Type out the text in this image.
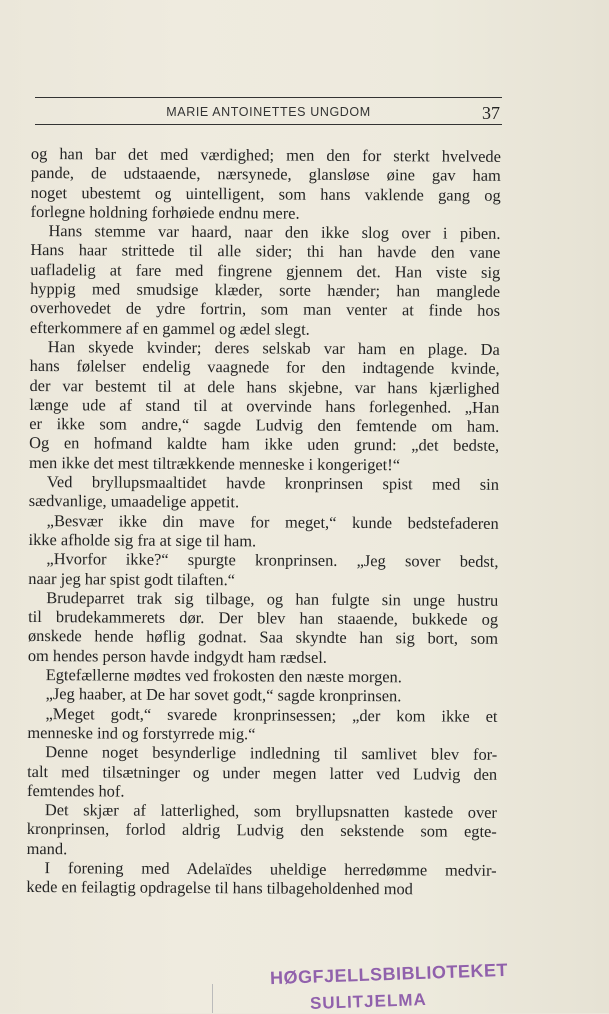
MARIE ANTOINETTES UNGDOM	37

og han bar det med værdighed; men den for sterkt hvelvede

pande, de udstaaende, nærsynede, glansløse øine gav ham

noget ubestemt og uintelligent, som hans vaklende gang og

forlegne holdning forhøiede endnu mere.

Hans stemme var haard, naar den ikke slog over i piben.

Hans haar strittede til alle sider; thi han havde den vane

uafladelig at fare med fingrene gjennem det. Han viste sig

hyppig med smudsige klæder, sorte hænder; han manglede

overhovedet de ydre fortrin, som man venter at finde hos

efterkommere af en gammel og ædel slegt.

Han skyede kvinder; deres selskab var ham en plage. Da

hans følelser endelig vaagnede for den indtagende kvinde,

der var bestemt til at dele hans skjebne, var hans kjærlighed

længe ude af stand til at overvinde hans forlegenhed. „Han

er ikke som andre,“ sagde Ludvig den femtende om ham.

Og en hofmand kaldte ham ikke uden grund: „det bedste,

men ikke det mest tiltrækkende menneske i kongeriget!“

Ved bryllupsmaaltidet havde kronprinsen spist med sin

sædvanlige, umaadelige appetit.

„Besvær ikke din mave for meget,“ kunde bedstefaderen

ikke afholde sig fra at sige til ham.

„Hvorfor ikke?“ spurgte kronprinsen. „Jeg sover bedst,

naar jeg har spist godt tilaften.“

Brudeparret trak sig tilbage, og han fulgte sin unge hustru

til brudekammerets dør. Der blev han staaende, bukkede og

ønskede hende høflig godnat. Saa skyndte han sig bort, som

om hendes person havde indgydt ham rædsel.

Egtefællerne mødtes ved frokosten den næste morgen.

„Jeg haaber, at De har sovet godt,“ sagde kronprinsen.

„Meget godt,“ svarede kronprinsessen; „der kom ikke et

menneske ind og forstyrrede mig.“

Denne noget besynderlige indledning til samlivet blev for-

talt med tilsætninger og under megen latter ved Ludvig den

femtendes hof.

Det skjær af latterlighed, som bryllupsnatten kastede over

kronprinsen, forlod aldrig Ludvig den sekstende som egte-

mand.

I forening med Adelaïdes uheldige herredømme medvir-

kede en feilagtig opdragelse til hans tilbageholdenhed mod

HØGFJELLSBIBLIOTEKET
SULITJELMA
